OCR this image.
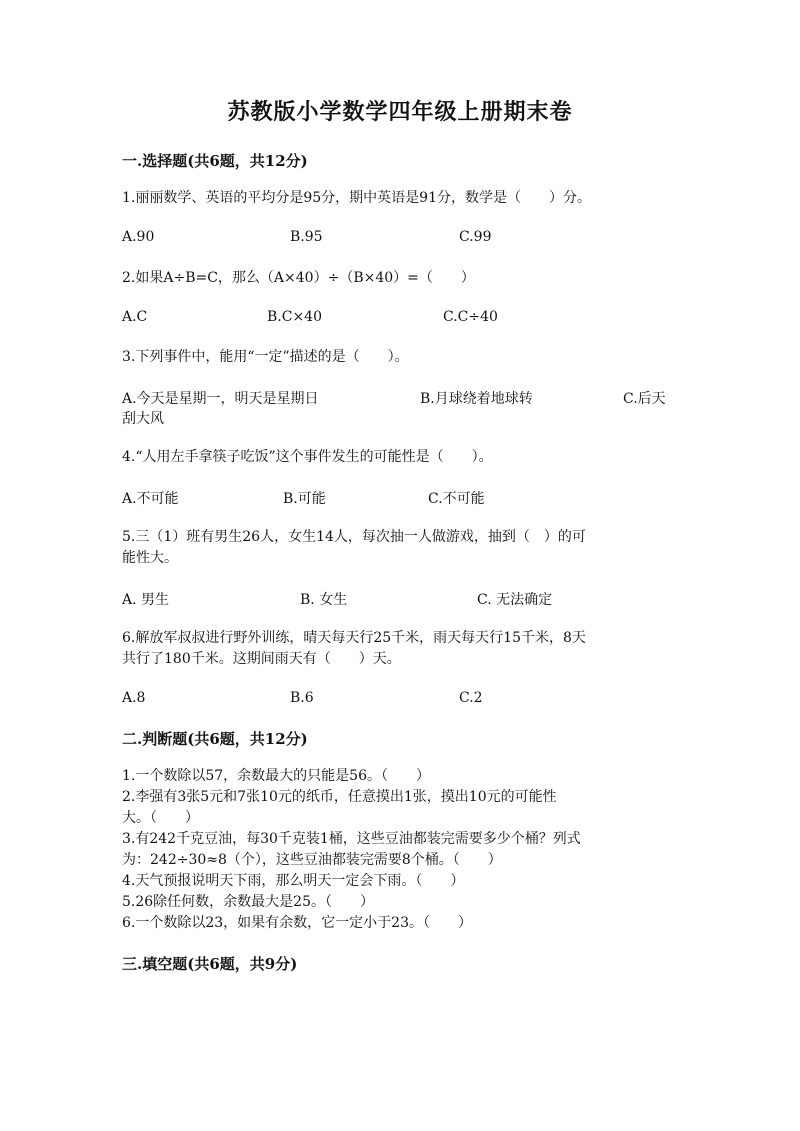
苏教版小学数学四年级上册期末卷
一.选择题(共6题，共12分)
1.丽丽数学、英语的平均分是95分，期中英语是91分，数学是（　　）分。
A.90	B.95	C.99
2.如果A÷B=C，那么（A×40）÷（B×40）=（　　）
A.C	B.C×40	C.C÷40
3.下列事件中，能用“一定”描述的是（　　）。
A.今天是星期一，明天是星期日	B.月球绕着地球转	C.后天
刮大风
4.“人用左手拿筷子吃饭”这个事件发生的可能性是（　　）。
A.不可能	B.可能	C.不可能
5.三（1）班有男生26人，女生14人，每次抽一人做游戏，抽到（　）的可
能性大。
A. 男生	B. 女生	C. 无法确定
6.解放军叔叔进行野外训练，晴天每天行25千米，雨天每天行15千米，8天
共行了180千米。这期间雨天有（　　）天。
A.8	B.6	C.2
二.判断题(共6题，共12分)
1.一个数除以57，余数最大的只能是56。（　　）
2.李强有3张5元和7张10元的纸币，任意摸出1张，摸出10元的可能性
大。（　　）
3.有242千克豆油，每30千克装1桶，这些豆油都装完需要多少个桶？列式
为：242÷30≈8（个），这些豆油都装完需要8个桶。（　　）
4.天气预报说明天下雨，那么明天一定会下雨。（　　）
5.26除任何数，余数最大是25。（　　）
6.一个数除以23，如果有余数，它一定小于23。（　　）
三.填空题(共6题，共9分)
